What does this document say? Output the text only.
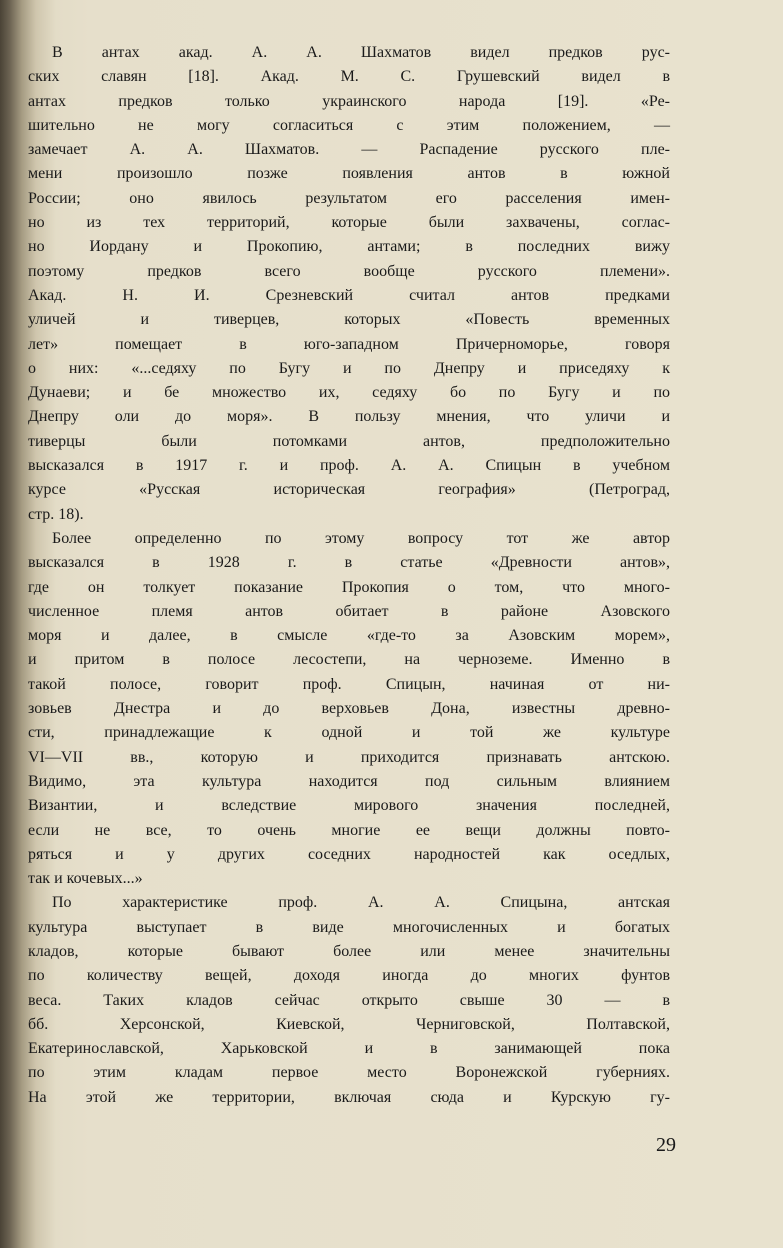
В антах акад. А. А. Шахматов видел предков рус-
ских славян [18]. Акад. М. С. Грушевский видел в
антах предков только украинского народа [19]. «Ре-
шительно не могу согласиться с этим положением, —
замечает А. А. Шахматов. — Распадение русского пле-
мени произошло позже появления антов в южной
России; оно явилось результатом его расселения имен-
но из тех территорий, которые были захвачены, соглас-
но Иордану и Прокопию, антами; в последних вижу
поэтому предков всего вообще русского племени».
Акад. Н. И. Срезневский считал антов предками
уличей и тиверцев, которых «Повесть временных
лет» помещает в юго-западном Причерноморье, говоря
о них: «...седяху по Бугу и по Днепру и приседяху к
Дунаеви; и бе множество их, седяху бо по Бугу и по
Днепру оли до моря». В пользу мнения, что уличи и
тиверцы были потомками антов, предположительно
высказался в 1917 г. и проф. А. А. Спицын в учебном
курсе «Русская историческая география» (Петроград,
стр. 18).
Более определенно по этому вопросу тот же автор
высказался в 1928 г. в статье «Древности антов»,
где он толкует показание Прокопия о том, что много-
численное племя антов обитает в районе Азовского
моря и далее, в смысле «где-то за Азовским морем»,
и притом в полосе лесостепи, на черноземе. Именно в
такой полосе, говорит проф. Спицын, начиная от ни-
зовьев Днестра и до верховьев Дона, известны древно-
сти, принадлежащие к одной и той же культуре
VI—VII вв., которую и приходится признавать антскою.
Видимо, эта культура находится под сильным влиянием
Византии, и вследствие мирового значения последней,
если не все, то очень многие ее вещи должны повто-
ряться и у других соседних народностей как оседлых,
так и кочевых...»
По характеристике проф. А. А. Спицына, антская
культура выступает в виде многочисленных и богатых
кладов, которые бывают более или менее значительны
по количеству вещей, доходя иногда до многих фунтов
веса. Таких кладов сейчас открыто свыше 30 — в
бб. Херсонской, Киевской, Черниговской, Полтавской,
Екатеринославской, Харьковской и в занимающей пока
по этим кладам первое место Воронежской губерниях.
На этой же территории, включая сюда и Курскую гу-
29
